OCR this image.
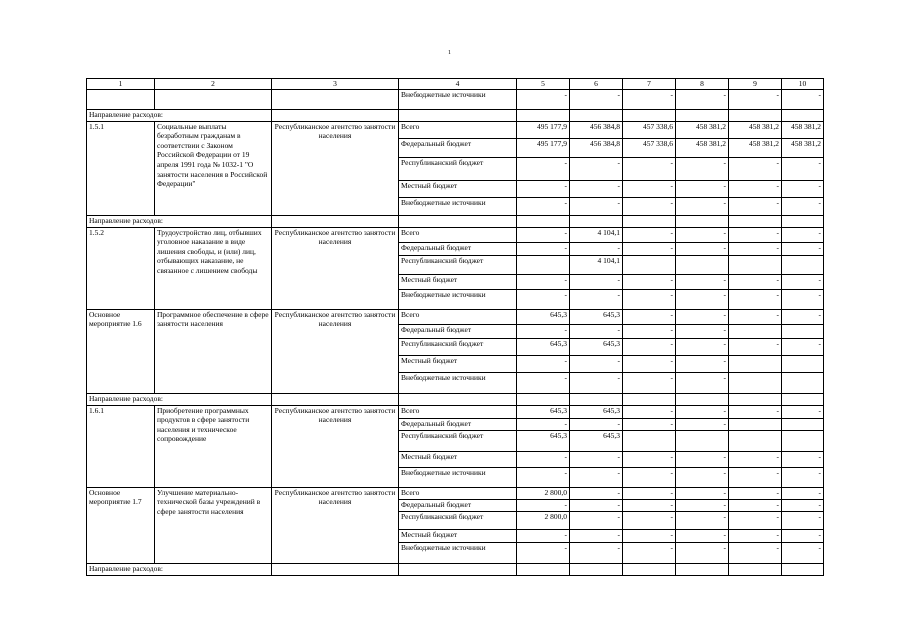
1
1	2	3	4	5	6	7	8	9	10
			Внебюджетные источники	-	-	-	-	-	-
Направление расходов:									
1.5.1	Социальные выплаты безработным гражданам в соответствии с Законом Российской Федерации от 19 апреля 1991 года № 1032-1 "О занятости населения в Российской Федерации"	Республиканское агентство занятости населения	Всего	495 177,9	456 384,8	457 338,6	458 381,2	458 381,2	458 381,2
			Федеральный бюджет	495 177,9	456 384,8	457 338,6	458 381,2	458 381,2	458 381,2
			Республиканский бюджет	-	-	-	-	-	-
			Местный бюджет	-	-	-	-	-	-
			Внебюджетные источники	-	-	-	-	-	-
Направление расходов:									
1.5.2	Трудоустройство лиц, отбывших уголовное наказание в виде лишения свободы, и (или) лиц, отбывающих наказание, не связанное с лишением свободы	Республиканское агентство занятости населения	Всего	-	4 104,1	-	-	-	-
			Федеральный бюджет	-	-	-	-	-	-
			Республиканский бюджет		4 104,1				
			Местный бюджет	-	-	-	-	-	-
			Внебюджетные источники	-	-	-	-	-	-
Основное мероприятие 1.6	Программное обеспечение в сфере занятости населения	Республиканское агентство занятости населения	Всего	645,3	645,3	-	-	-	-
			Федеральный бюджет	-	-	-	-		
			Республиканский бюджет	645,3	645,3	-	-	-	-
			Местный бюджет	-	-	-	-		
			Внебюджетные источники	-	-	-	-		
Направление расходов:									
1.6.1	Приобретение программных продуктов в сфере занятости населения и техническое сопровождение	Республиканское агентство занятости населения	Всего	645,3	645,3	-	-	-	-
			Федеральный бюджет	-	-	-	-		
			Республиканский бюджет	645,3	645,3				
			Местный бюджет	-	-	-	-	-	-
			Внебюджетные источники	-	-	-	-	-	-
Основное мероприятие 1.7	Улучшение материально-технической базы учреждений в сфере занятости населения	Республиканское агентство занятости населения	Всего	2 800,0	-	-	-	-	-
			Федеральный бюджет	-	-	-	-	-	-
			Республиканский бюджет	2 800,0	-	-	-	-	-
			Местный бюджет	-	-	-	-	-	-
			Внебюджетные источники	-	-	-	-	-	-
Направление расходов:									
